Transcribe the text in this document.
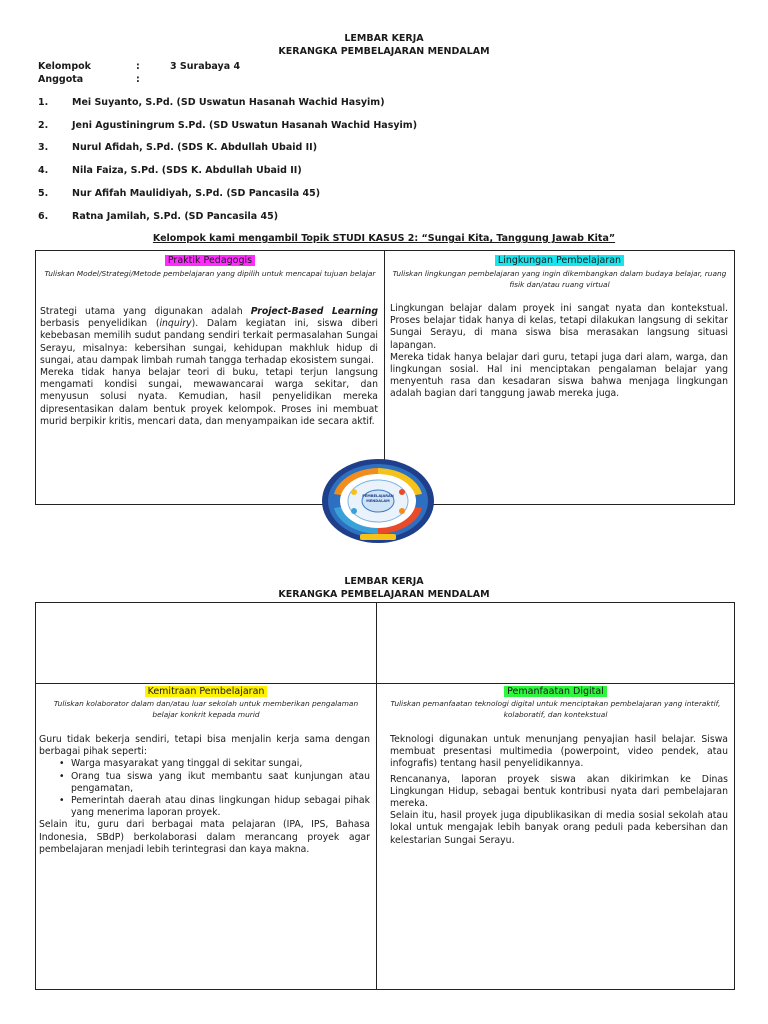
LEMBAR KERJA
KERANGKA PEMBELAJARAN MENDALAM
Kelompok	:	3 Surabaya 4
Anggota	:
1.	Mei Suyanto, S.Pd. (SD Uswatun Hasanah Wachid Hasyim)
2.	Jeni Agustiningrum S.Pd. (SD Uswatun Hasanah Wachid Hasyim)
3.	Nurul Afidah, S.Pd. (SDS K. Abdullah Ubaid II)
4.	Nila Faiza, S.Pd. (SDS K. Abdullah Ubaid II)
5.	Nur Afifah Maulidiyah, S.Pd. (SD Pancasila 45)
6.	Ratna Jamilah, S.Pd. (SD Pancasila 45)
Kelompok kami mengambil Topik STUDI KASUS 2: “Sungai Kita, Tanggung Jawab Kita”
Praktik Pedagogis
Tuliskan Model/Strategi/Metode pembelajaran yang dipilih untuk mencapai tujuan belajar

Strategi utama yang digunakan adalah Project-Based Learning berbasis penyelidikan (inquiry). Dalam kegiatan ini, siswa diberi kebebasan memilih sudut pandang sendiri terkait permasalahan Sungai Serayu, misalnya: kebersihan sungai, kehidupan makhluk hidup di sungai, atau dampak limbah rumah tangga terhadap ekosistem sungai.

Mereka tidak hanya belajar teori di buku, tetapi terjun langsung mengamati kondisi sungai, mewawancarai warga sekitar, dan menyusun solusi nyata. Kemudian, hasil penyelidikan mereka dipresentasikan dalam bentuk proyek kelompok. Proses ini membuat murid berpikir kritis, mencari data, dan menyampaikan ide secara aktif.

Lingkungan Pembelajaran
Tuliskan lingkungan pembelajaran yang ingin dikembangkan dalam budaya belajar, ruang fisik dan/atau ruang virtual

Lingkungan belajar dalam proyek ini sangat nyata dan kontekstual. Proses belajar tidak hanya di kelas, tetapi dilakukan langsung di sekitar Sungai Serayu, di mana siswa bisa merasakan langsung situasi lapangan.

Mereka tidak hanya belajar dari guru, tetapi juga dari alam, warga, dan lingkungan sosial. Hal ini menciptakan pengalaman belajar yang menyentuh rasa dan kesadaran siswa bahwa menjaga lingkungan adalah bagian dari tanggung jawab mereka juga.

PEMBELAJARAN MENDALAM
LEMBAR KERJA
KERANGKA PEMBELAJARAN MENDALAM
Kemitraan Pembelajaran
Tuliskan kolaborator dalam dan/atau luar sekolah untuk memberikan pengalaman belajar konkrit kepada murid

Guru tidak bekerja sendiri, tetapi bisa menjalin kerja sama dengan berbagai pihak seperti:

• Warga masyarakat yang tinggal di sekitar sungai,
• Orang tua siswa yang ikut membantu saat kunjungan atau pengamatan,
• Pemerintah daerah atau dinas lingkungan hidup sebagai pihak yang menerima laporan proyek.

Selain itu, guru dari berbagai mata pelajaran (IPA, IPS, Bahasa Indonesia, SBdP) berkolaborasi dalam merancang proyek agar pembelajaran menjadi lebih terintegrasi dan kaya makna.

Pemanfaatan Digital
Tuliskan pemanfaatan teknologi digital untuk menciptakan pembelajaran yang interaktif, kolaboratif, dan kontekstual

Teknologi digunakan untuk menunjang penyajian hasil belajar. Siswa membuat presentasi multimedia (powerpoint, video pendek, atau infografis) tentang hasil penyelidikannya.

Rencananya, laporan proyek siswa akan dikirimkan ke Dinas Lingkungan Hidup, sebagai bentuk kontribusi nyata dari pembelajaran mereka.

Selain itu, hasil proyek juga dipublikasikan di media sosial sekolah atau lokal untuk mengajak lebih banyak orang peduli pada kebersihan dan kelestarian Sungai Serayu.
